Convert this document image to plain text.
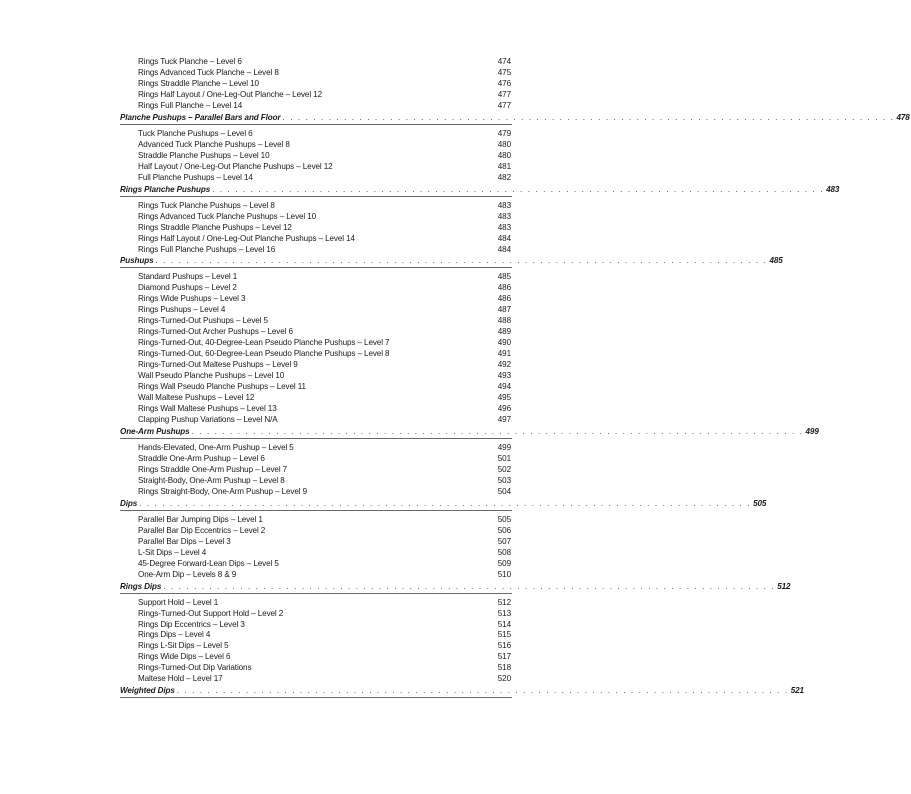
Rings Tuck Planche – Level 6	474
Rings Advanced Tuck Planche – Level 8	475
Rings Straddle Planche – Level 10	476
Rings Half Layout / One-Leg-Out Planche – Level 12	477
Rings Full Planche – Level 14	477
Planche Pushups – Parallel Bars and Floor . . . . . . . . . . . . . . . . . . . . . . . . . . . . . . . . . . . . . . . . . . . . . . . . . . . . . . . . . . . . . . . . . . . . . . . . . . . . . . . . 478
Tuck Planche Pushups – Level 6	479
Advanced Tuck Planche Pushups – Level 8	480
Straddle Planche Pushups – Level 10	480
Half Layout / One-Leg-Out Planche Pushups – Level 12	481
Full Planche Pushups – Level 14	482
Rings Planche Pushups . . . . . . . . . . . . . . . . . . . . . . . . . . . . . . . . . . . . . . . . . . . . . . . . . . . . . . . . . . . . . . . . . . . . . . . . . . . . . . . . 483
Rings Tuck Planche Pushups – Level 8	483
Rings Advanced Tuck Planche Pushups – Level 10	483
Rings Straddle Planche Pushups – Level 12	483
Rings Half Layout / One-Leg-Out Planche Pushups – Level 14	484
Rings Full Planche Pushups – Level 16	484
Pushups . . . . . . . . . . . . . . . . . . . . . . . . . . . . . . . . . . . . . . . . . . . . . . . . . . . . . . . . . . . . . . . . . . . . . . . . . . . . . . . . 485
Standard Pushups – Level 1	485
Diamond Pushups – Level 2	486
Rings Wide Pushups – Level 3	486
Rings Pushups – Level 4	487
Rings-Turned-Out Pushups – Level 5	488
Rings-Turned-Out Archer Pushups – Level 6	489
Rings-Turned-Out, 40-Degree-Lean Pseudo Planche Pushups – Level 7	490
Rings-Turned-Out, 60-Degree-Lean Pseudo Planche Pushups – Level 8	491
Rings-Turned-Out Maltese Pushups – Level 9	492
Wall Pseudo Planche Pushups – Level 10	493
Rings Wall Pseudo Planche Pushups – Level 11	494
Wall Maltese Pushups – Level 12	495
Rings Wall Maltese Pushups – Level 13	496
Clapping Pushup Variations – Level N/A	497
One-Arm Pushups . . . . . . . . . . . . . . . . . . . . . . . . . . . . . . . . . . . . . . . . . . . . . . . . . . . . . . . . . . . . . . . . . . . . . . . . . . . . . . . . 499
Hands-Elevated, One-Arm Pushup – Level 5	499
Straddle One-Arm Pushup – Level 6	501
Rings Straddle One-Arm Pushup – Level 7	502
Straight-Body, One-Arm Pushup – Level 8	503
Rings Straight-Body, One-Arm Pushup – Level 9	504
Dips . . . . . . . . . . . . . . . . . . . . . . . . . . . . . . . . . . . . . . . . . . . . . . . . . . . . . . . . . . . . . . . . . . . . . . . . . . . . . . . . 505
Parallel Bar Jumping Dips – Level 1	505
Parallel Bar Dip Eccentrics – Level 2	506
Parallel Bar Dips – Level 3	507
L-Sit Dips – Level 4	508
45-Degree Forward-Lean Dips – Level 5	509
One-Arm Dip – Levels 8 & 9	510
Rings Dips . . . . . . . . . . . . . . . . . . . . . . . . . . . . . . . . . . . . . . . . . . . . . . . . . . . . . . . . . . . . . . . . . . . . . . . . . . . . . . . . 512
Support Hold – Level 1	512
Rings-Turned-Out Support Hold – Level 2	513
Rings Dip Eccentrics – Level 3	514
Rings Dips – Level 4	515
Rings L-Sit Dips – Level 5	516
Rings Wide Dips – Level 6	517
Rings-Turned-Out Dip Variations	518
Maltese Hold – Level 17	520
Weighted Dips . . . . . . . . . . . . . . . . . . . . . . . . . . . . . . . . . . . . . . . . . . . . . . . . . . . . . . . . . . . . . . . . . . . . . . . . . . . . . . . . 521
